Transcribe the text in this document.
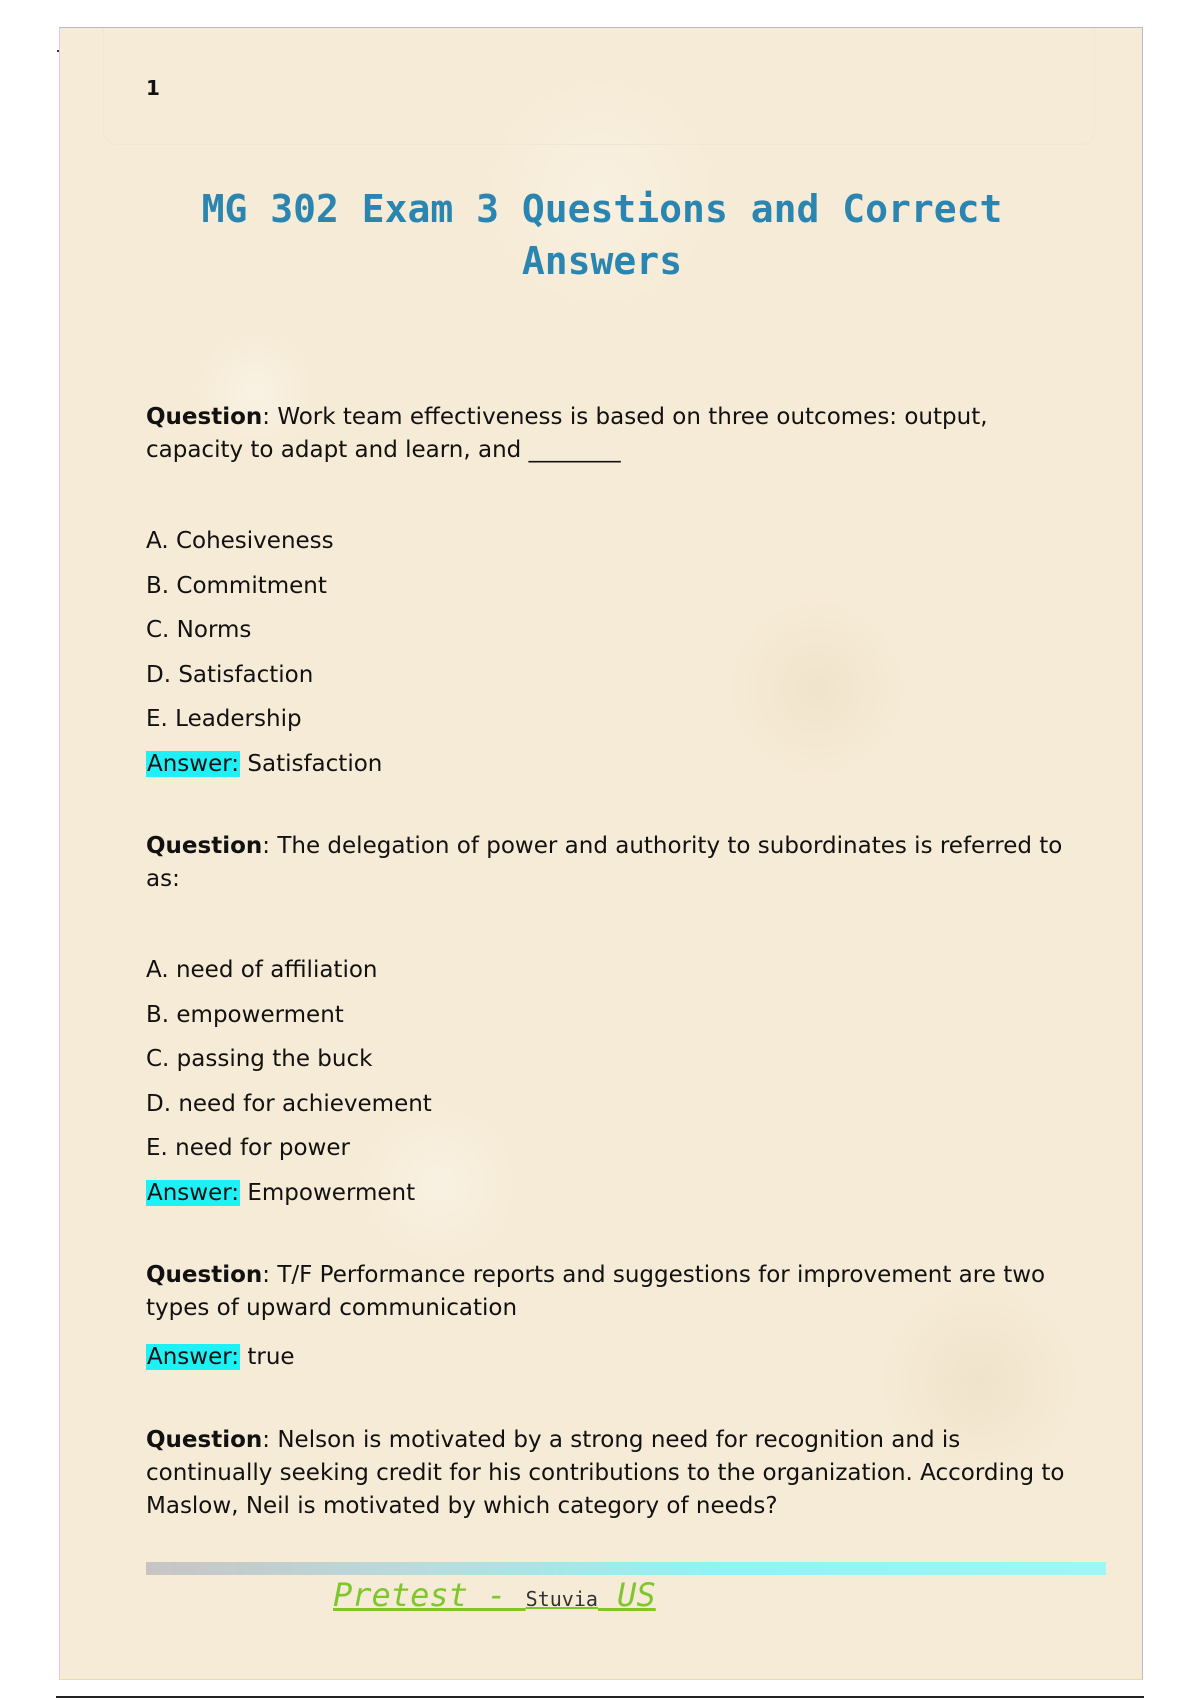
1
MG 302 Exam 3 Questions and Correct Answers

Question: Work team effectiveness is based on three outcomes: output, capacity to adapt and learn, and ________

A. Cohesiveness
B. Commitment
C. Norms
D. Satisfaction
E. Leadership
Answer: Satisfaction

Question: The delegation of power and authority to subordinates is referred to as:

A. need of affiliation
B. empowerment
C. passing the buck
D. need for achievement
E. need for power
Answer: Empowerment

Question: T/F Performance reports and suggestions for improvement are two types of upward communication

Answer: true

Question: Nelson is motivated by a strong need for recognition and is continually seeking credit for his contributions to the organization. According to Maslow, Neil is motivated by which category of needs?

Pretest - Stuvia US
